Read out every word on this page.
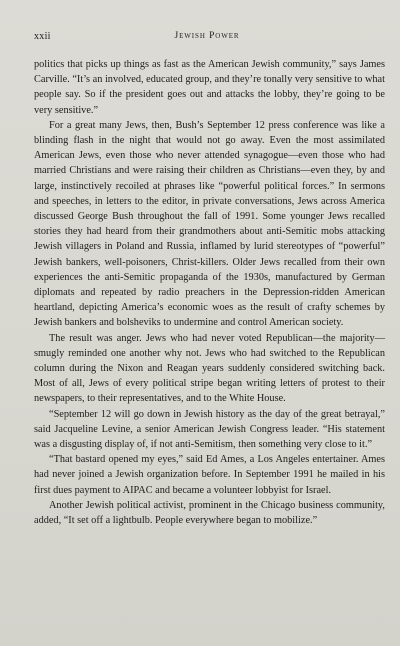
xxii	Jewish Power

politics that picks up things as fast as the American Jewish community,” says James Carville. “It’s an involved, educated group, and they’re tonally very sensitive to what people say. So if the president goes out and attacks the lobby, they’re going to be very sensitive.”

For a great many Jews, then, Bush’s September 12 press conference was like a blinding flash in the night that would not go away. Even the most assimilated American Jews, even those who never attended synagogue—even those who had married Christians and were raising their children as Christians—even they, by and large, instinctively recoiled at phrases like “powerful political forces.” In sermons and speeches, in letters to the editor, in private conversations, Jews across America discussed George Bush throughout the fall of 1991. Some younger Jews recalled stories they had heard from their grandmothers about anti-Semitic mobs attacking Jewish villagers in Poland and Russia, inflamed by lurid stereotypes of “powerful” Jewish bankers, well-poisoners, Christ-killers. Older Jews recalled from their own experiences the anti-Semitic propaganda of the 1930s, manufactured by German diplomats and repeated by radio preachers in the Depression-ridden American heartland, depicting America’s economic woes as the result of crafty schemes by Jewish bankers and bolsheviks to undermine and control American society.

The result was anger. Jews who had never voted Republican—the majority—smugly reminded one another why not. Jews who had switched to the Republican column during the Nixon and Reagan years suddenly considered switching back. Most of all, Jews of every political stripe began writing letters of protest to their newspapers, to their representatives, and to the White House.

“September 12 will go down in Jewish history as the day of the great betrayal,” said Jacqueline Levine, a senior American Jewish Congress leader. “His statement was a disgusting display of, if not anti-Semitism, then something very close to it.”

“That bastard opened my eyes,” said Ed Ames, a Los Angeles entertainer. Ames had never joined a Jewish organization before. In September 1991 he mailed in his first dues payment to AIPAC and became a volunteer lobbyist for Israel.

Another Jewish political activist, prominent in the Chicago business community, added, “It set off a lightbulb. People everywhere began to mobilize.”
